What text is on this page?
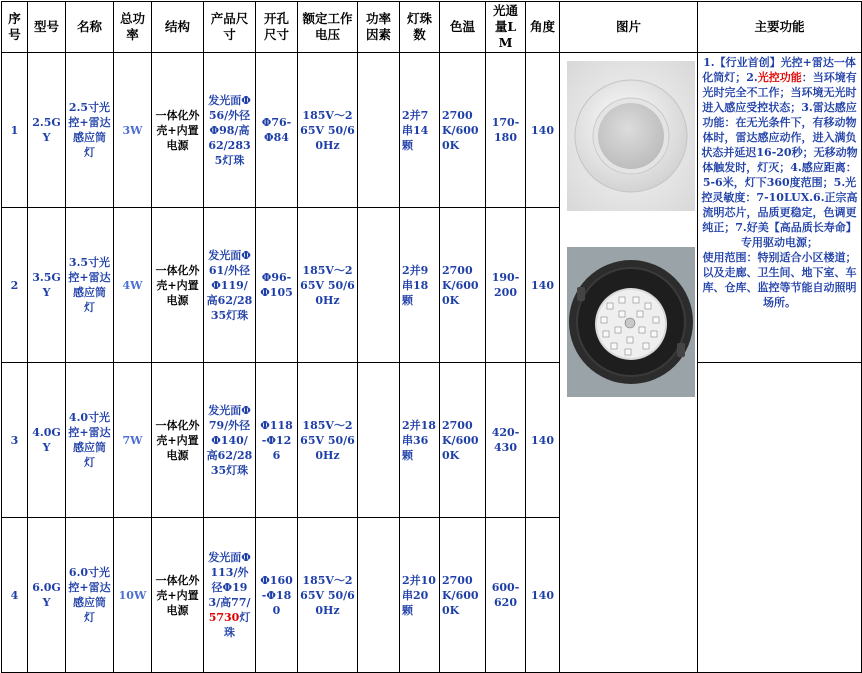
序号	型号	名称	总功率	结构	产品尺寸	开孔尺寸	额定工作电压	功率因素	灯珠数	色温	光通量LM	角度	图片	主要功能
1	2.5GY	2.5寸光控+雷达感应筒灯	3W	一体化外壳+内置电源	发光面Φ56/外径Φ98/高62/2835灯珠	Φ76-Φ84	185V～265V 50/60Hz		2并7串14颗	2700K/6000K	170-180	140		1.【行业首创】光控+雷达一体化筒灯；2.光控功能：当环境有光时完全不工作；当环境无光时进入感应受控状态；3.雷达感应功能：在无光条件下，有移动物体时，雷达感应动作，进入满负状态并延迟16-20秒；无移动物体触发时，灯灭；4.感应距离：5-6米，灯下360度范围；5.光控灵敏度：7-10LUX.6.正宗高流明芯片，品质更稳定，色调更纯正；7.好美【高品质长寿命】专用驱动电源；
使用范围：特别适合小区楼道；以及走廊、卫生间、地下室、车库、仓库、监控等节能自动照明场所。
2	3.5GY	3.5寸光控+雷达感应筒灯	4W	一体化外壳+内置电源	发光面Φ61/外径Φ119/高62/2835灯珠	Φ96-Φ105	185V～265V 50/60Hz		2并9串18颗	2700K/6000K	190-200	140		
3	4.0GY	4.0寸光控+雷达感应筒灯	7W	一体化外壳+内置电源	发光面Φ79/外径Φ140/高62/2835灯珠	Φ118-Φ126	185V～265V 50/60Hz		2并18串36颗	2700K/6000K	420-430	140		
4	6.0GY	6.0寸光控+雷达感应筒灯	10W	一体化外壳+内置电源	发光面Φ113/外径Φ193/高77/5730灯珠	Φ160-Φ180	185V～265V 50/60Hz		2并10串20颗	2700K/6000K	600-620	140		
